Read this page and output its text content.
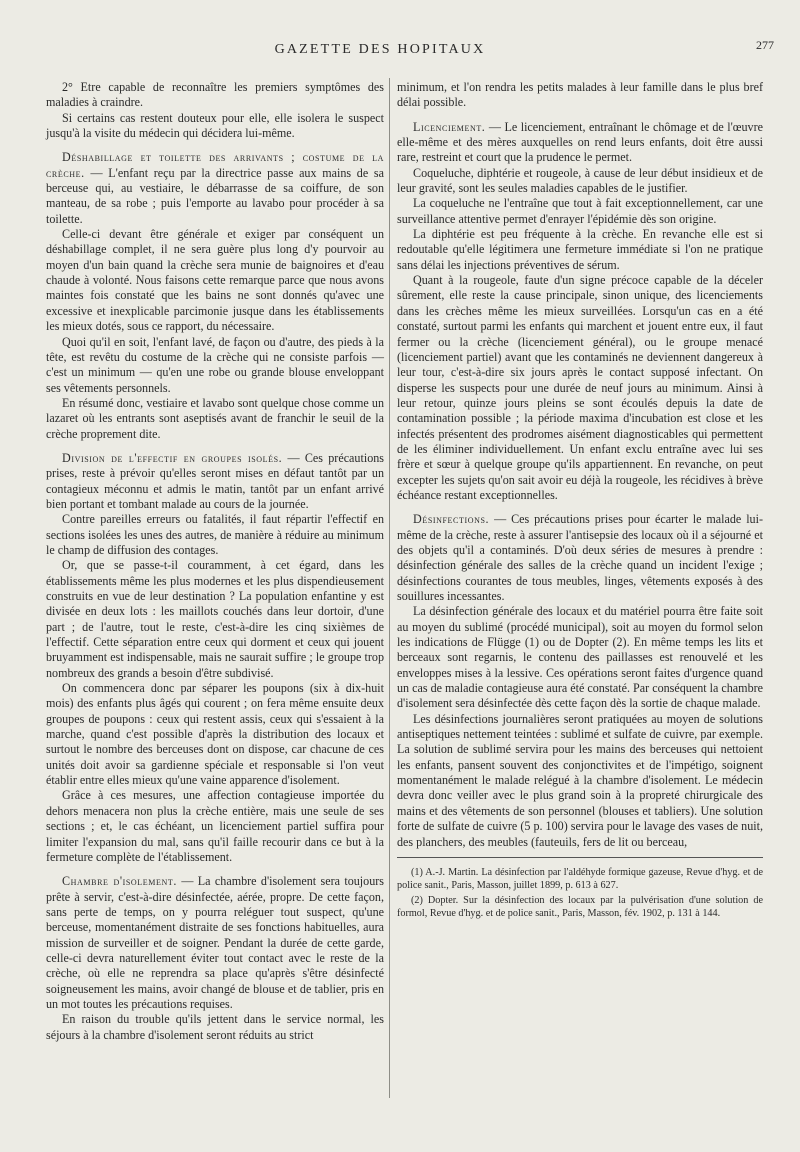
GAZETTE DES HOPITAUX	277

2° Etre capable de reconnaître les premiers symptômes des maladies à craindre.

Si certains cas restent douteux pour elle, elle isolera le suspect jusqu'à la visite du médecin qui décidera lui-même.

Déshabillage et toilette des arrivants ; costume de la crèche. — L'enfant reçu par la directrice passe aux mains de sa berceuse qui, au vestiaire, le débarrasse de sa coiffure, de son manteau, de sa robe ; puis l'emporte au lavabo pour procéder à sa toilette.

Celle-ci devant être générale et exiger par conséquent un déshabillage complet, il ne sera guère plus long d'y pourvoir au moyen d'un bain quand la crèche sera munie de baignoires et d'eau chaude à volonté. Nous faisons cette remarque parce que nous avons maintes fois constaté que les bains ne sont donnés qu'avec une excessive et inexplicable parcimonie jusque dans les établissements les mieux dotés, sous ce rapport, du nécessaire.

Quoi qu'il en soit, l'enfant lavé, de façon ou d'autre, des pieds à la tête, est revêtu du costume de la crèche qui ne consiste parfois — c'est un minimum — qu'en une robe ou grande blouse enveloppant ses vêtements personnels.

En résumé donc, vestiaire et lavabo sont quelque chose comme un lazaret où les entrants sont aseptisés avant de franchir le seuil de la crèche proprement dite.

Division de l'effectif en groupes isolés. — Ces précautions prises, reste à prévoir qu'elles seront mises en défaut tantôt par un contagieux méconnu et admis le matin, tantôt par un enfant arrivé bien portant et tombant malade au cours de la journée.

Contre pareilles erreurs ou fatalités, il faut répartir l'effectif en sections isolées les unes des autres, de manière à réduire au minimum le champ de diffusion des contages.

Or, que se passe-t-il couramment, à cet égard, dans les établissements même les plus modernes et les plus dispendieusement construits en vue de leur destination ? La population enfantine y est divisée en deux lots : les maillots couchés dans leur dortoir, d'une part ; de l'autre, tout le reste, c'est-à-dire les cinq sixièmes de l'effectif. Cette séparation entre ceux qui dorment et ceux qui jouent bruyamment est indispensable, mais ne saurait suffire ; le groupe trop nombreux des grands a besoin d'être subdivisé.

On commencera donc par séparer les poupons (six à dix-huit mois) des enfants plus âgés qui courent ; on fera même ensuite deux groupes de poupons : ceux qui restent assis, ceux qui s'essaient à la marche, quand c'est possible d'après la distribution des locaux et surtout le nombre des berceuses dont on dispose, car chacune de ces unités doit avoir sa gardienne spéciale et responsable si l'on veut établir entre elles mieux qu'une vaine apparence d'isolement.

Grâce à ces mesures, une affection contagieuse importée du dehors menacera non plus la crèche entière, mais une seule de ses sections ; et, le cas échéant, un licenciement partiel suffira pour limiter l'expansion du mal, sans qu'il faille recourir dans ce but à la fermeture complète de l'établissement.

Chambre d'isolement. — La chambre d'isolement sera toujours prête à servir, c'est-à-dire désinfectée, aérée, propre. De cette façon, sans perte de temps, on y pourra reléguer tout suspect, qu'une berceuse, momentanément distraite de ses fonctions habituelles, aura mission de surveiller et de soigner. Pendant la durée de cette garde, celle-ci devra naturellement éviter tout contact avec le reste de la crèche, où elle ne reprendra sa place qu'après s'être désinfecté soigneusement les mains, avoir changé de blouse et de tablier, pris en un mot toutes les précautions requises.

En raison du trouble qu'ils jettent dans le service normal, les séjours à la chambre d'isolement seront réduits au strict

minimum, et l'on rendra les petits malades à leur famille dans le plus bref délai possible.

Licenciement. — Le licenciement, entraînant le chômage et de l'œuvre elle-même et des mères auxquelles on rend leurs enfants, doit être aussi rare, restreint et court que la prudence le permet.

Coqueluche, diphtérie et rougeole, à cause de leur début insidieux et de leur gravité, sont les seules maladies capables de le justifier.

La coqueluche ne l'entraîne que tout à fait exceptionnellement, car une surveillance attentive permet d'enrayer l'épidémie dès son origine.

La diphtérie est peu fréquente à la crèche. En revanche elle est si redoutable qu'elle légitimera une fermeture immédiate si l'on ne pratique sans délai les injections préventives de sérum.

Quant à la rougeole, faute d'un signe précoce capable de la déceler sûrement, elle reste la cause principale, sinon unique, des licenciements dans les crèches même les mieux surveillées. Lorsqu'un cas en a été constaté, surtout parmi les enfants qui marchent et jouent entre eux, il faut fermer ou la crèche (licenciement général), ou le groupe menacé (licenciement partiel) avant que les contaminés ne deviennent dangereux à leur tour, c'est-à-dire six jours après le contact supposé infectant. On disperse les suspects pour une durée de neuf jours au minimum. Ainsi à leur retour, quinze jours pleins se sont écoulés depuis la date de contamination possible ; la période maxima d'incubation est close et les infectés présentent des prodromes aisément diagnosticables qui permettent de les éliminer individuellement. Un enfant exclu entraîne avec lui ses frère et sœur à quelque groupe qu'ils appartiennent. En revanche, on peut excepter les sujets qu'on sait avoir eu déjà la rougeole, les récidives à brève échéance restant exceptionnelles.

Désinfections. — Ces précautions prises pour écarter le malade lui-même de la crèche, reste à assurer l'antisepsie des locaux où il a séjourné et des objets qu'il a contaminés. D'où deux séries de mesures à prendre : désinfection générale des salles de la crèche quand un incident l'exige ; désinfections courantes de tous meubles, linges, vêtements exposés à des souillures incessantes.

La désinfection générale des locaux et du matériel pourra être faite soit au moyen du sublimé (procédé municipal), soit au moyen du formol selon les indications de Flügge (1) ou de Dopter (2). En même temps les lits et berceaux sont regarnis, le contenu des paillasses est renouvelé et les enveloppes mises à la lessive. Ces opérations seront faites d'urgence quand un cas de maladie contagieuse aura été constaté. Par conséquent la chambre d'isolement sera désinfectée dès cette façon dès la sortie de chaque malade.

Les désinfections journalières seront pratiquées au moyen de solutions antiseptiques nettement teintées : sublimé et sulfate de cuivre, par exemple. La solution de sublimé servira pour les mains des berceuses qui nettoient les enfants, pansent souvent des conjonctivites et de l'impétigo, soignent momentanément le malade relégué à la chambre d'isolement. Le médecin devra donc veiller avec le plus grand soin à la propreté chirurgicale des mains et des vêtements de son personnel (blouses et tabliers). Une solution forte de sulfate de cuivre (5 p. 100) servira pour le lavage des vases de nuit, des planchers, des meubles (fauteuils, fers de lit ou berceau,

(1) A.-J. Martin. La désinfection par l'aldéhyde formique gazeuse, Revue d'hyg. et de police sanit., Paris, Masson, juillet 1899, p. 613 à 627.

(2) Dopter. Sur la désinfection des locaux par la pulvérisation d'une solution de formol, Revue d'hyg. et de police sanit., Paris, Masson, fév. 1902, p. 131 à 144.
